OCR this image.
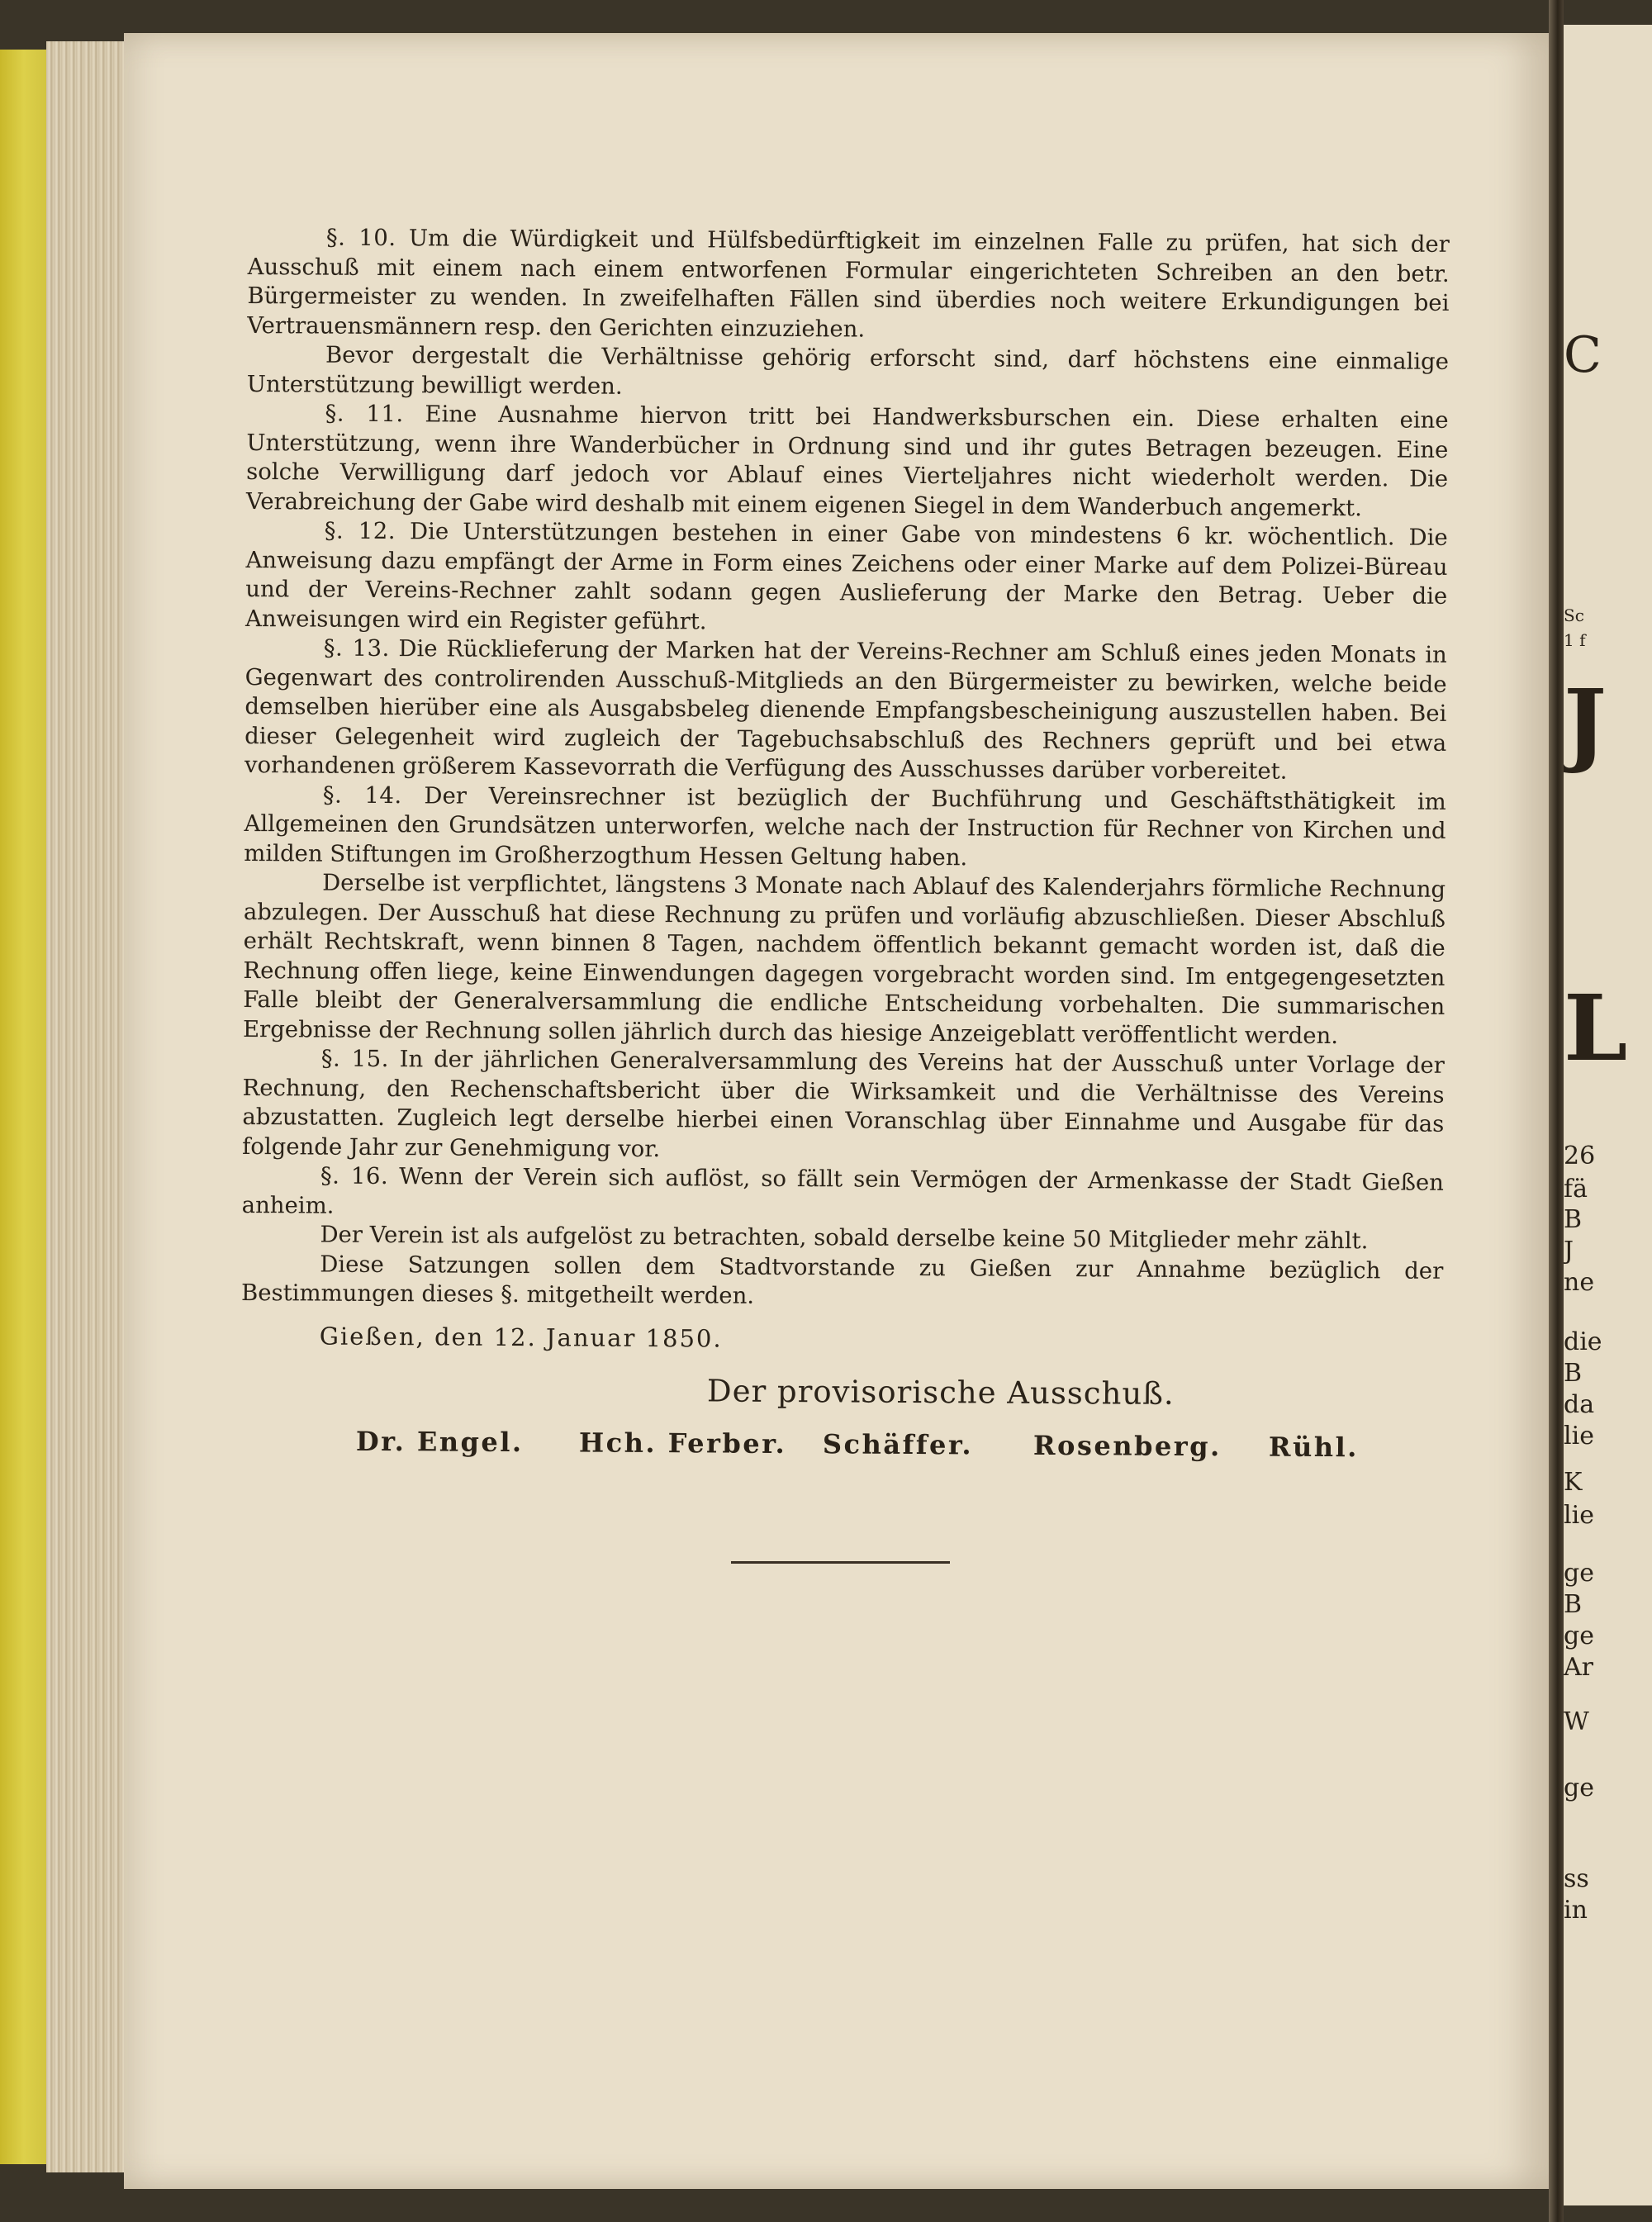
C
Sc
1 f
J
L
26
fä
B
J
ne
die
B
da
lie
K
lie
ge
B
ge
Ar
W
ge
ss
in

§. 10. Um die Würdigkeit und Hülfsbedürftigkeit im einzelnen Falle zu prüfen, hat sich der Ausschuß mit einem nach einem entworfenen Formular eingerichteten Schreiben an den betr. Bürgermeister zu wenden. In zweifelhaften Fällen sind überdies noch weitere Erkundigungen bei Vertrauensmännern resp. den Gerichten einzuziehen.

Bevor dergestalt die Verhältnisse gehörig erforscht sind, darf höchstens eine einmalige Unterstützung bewilligt werden.

§. 11. Eine Ausnahme hiervon tritt bei Handwerksburschen ein. Diese erhalten eine Unterstützung, wenn ihre Wanderbücher in Ordnung sind und ihr gutes Betragen bezeugen. Eine solche Verwilligung darf jedoch vor Ablauf eines Vierteljahres nicht wiederholt werden. Die Verabreichung der Gabe wird deshalb mit einem eigenen Siegel in dem Wanderbuch angemerkt.

§. 12. Die Unterstützungen bestehen in einer Gabe von mindestens 6 kr. wöchentlich. Die Anweisung dazu empfängt der Arme in Form eines Zeichens oder einer Marke auf dem Polizei-Büreau und der Vereins-Rechner zahlt sodann gegen Auslieferung der Marke den Betrag. Ueber die Anweisungen wird ein Register geführt.

§. 13. Die Rücklieferung der Marken hat der Vereins-Rechner am Schluß eines jeden Monats in Gegenwart des controlirenden Ausschuß-Mitglieds an den Bürgermeister zu bewirken, welche beide demselben hierüber eine als Ausgabsbeleg dienende Empfangsbescheinigung auszustellen haben. Bei dieser Gelegenheit wird zugleich der Tagebuchsabschluß des Rechners geprüft und bei etwa vorhandenen größerem Kassevorrath die Verfügung des Ausschusses darüber vorbereitet.

§. 14. Der Vereinsrechner ist bezüglich der Buchführung und Geschäftsthätigkeit im Allgemeinen den Grundsätzen unterworfen, welche nach der Instruction für Rechner von Kirchen und milden Stiftungen im Großherzogthum Hessen Geltung haben.

Derselbe ist verpflichtet, längstens 3 Monate nach Ablauf des Kalenderjahrs förmliche Rechnung abzulegen. Der Ausschuß hat diese Rechnung zu prüfen und vorläufig abzuschließen. Dieser Abschluß erhält Rechtskraft, wenn binnen 8 Tagen, nachdem öffentlich bekannt gemacht worden ist, daß die Rechnung offen liege, keine Einwendungen dagegen vorgebracht worden sind. Im entgegengesetzten Falle bleibt der Generalversammlung die endliche Entscheidung vorbehalten. Die summarischen Ergebnisse der Rechnung sollen jährlich durch das hiesige Anzeigeblatt veröffentlicht werden.

§. 15. In der jährlichen Generalversammlung des Vereins hat der Ausschuß unter Vorlage der Rechnung, den Rechenschaftsbericht über die Wirksamkeit und die Verhältnisse des Vereins abzustatten. Zugleich legt derselbe hierbei einen Voranschlag über Einnahme und Ausgabe für das folgende Jahr zur Genehmigung vor.

§. 16. Wenn der Verein sich auflöst, so fällt sein Vermögen der Armenkasse der Stadt Gießen anheim.

Der Verein ist als aufgelöst zu betrachten, sobald derselbe keine 50 Mitglieder mehr zählt.

Diese Satzungen sollen dem Stadtvorstande zu Gießen zur Annahme bezüglich der Bestimmungen dieses §. mitgetheilt werden.

Gießen, den 12. Januar 1850.
Der provisorische Ausschuß.
Dr. Engel. Hch. Ferber. Schäffer. Rosenberg. Rühl.
